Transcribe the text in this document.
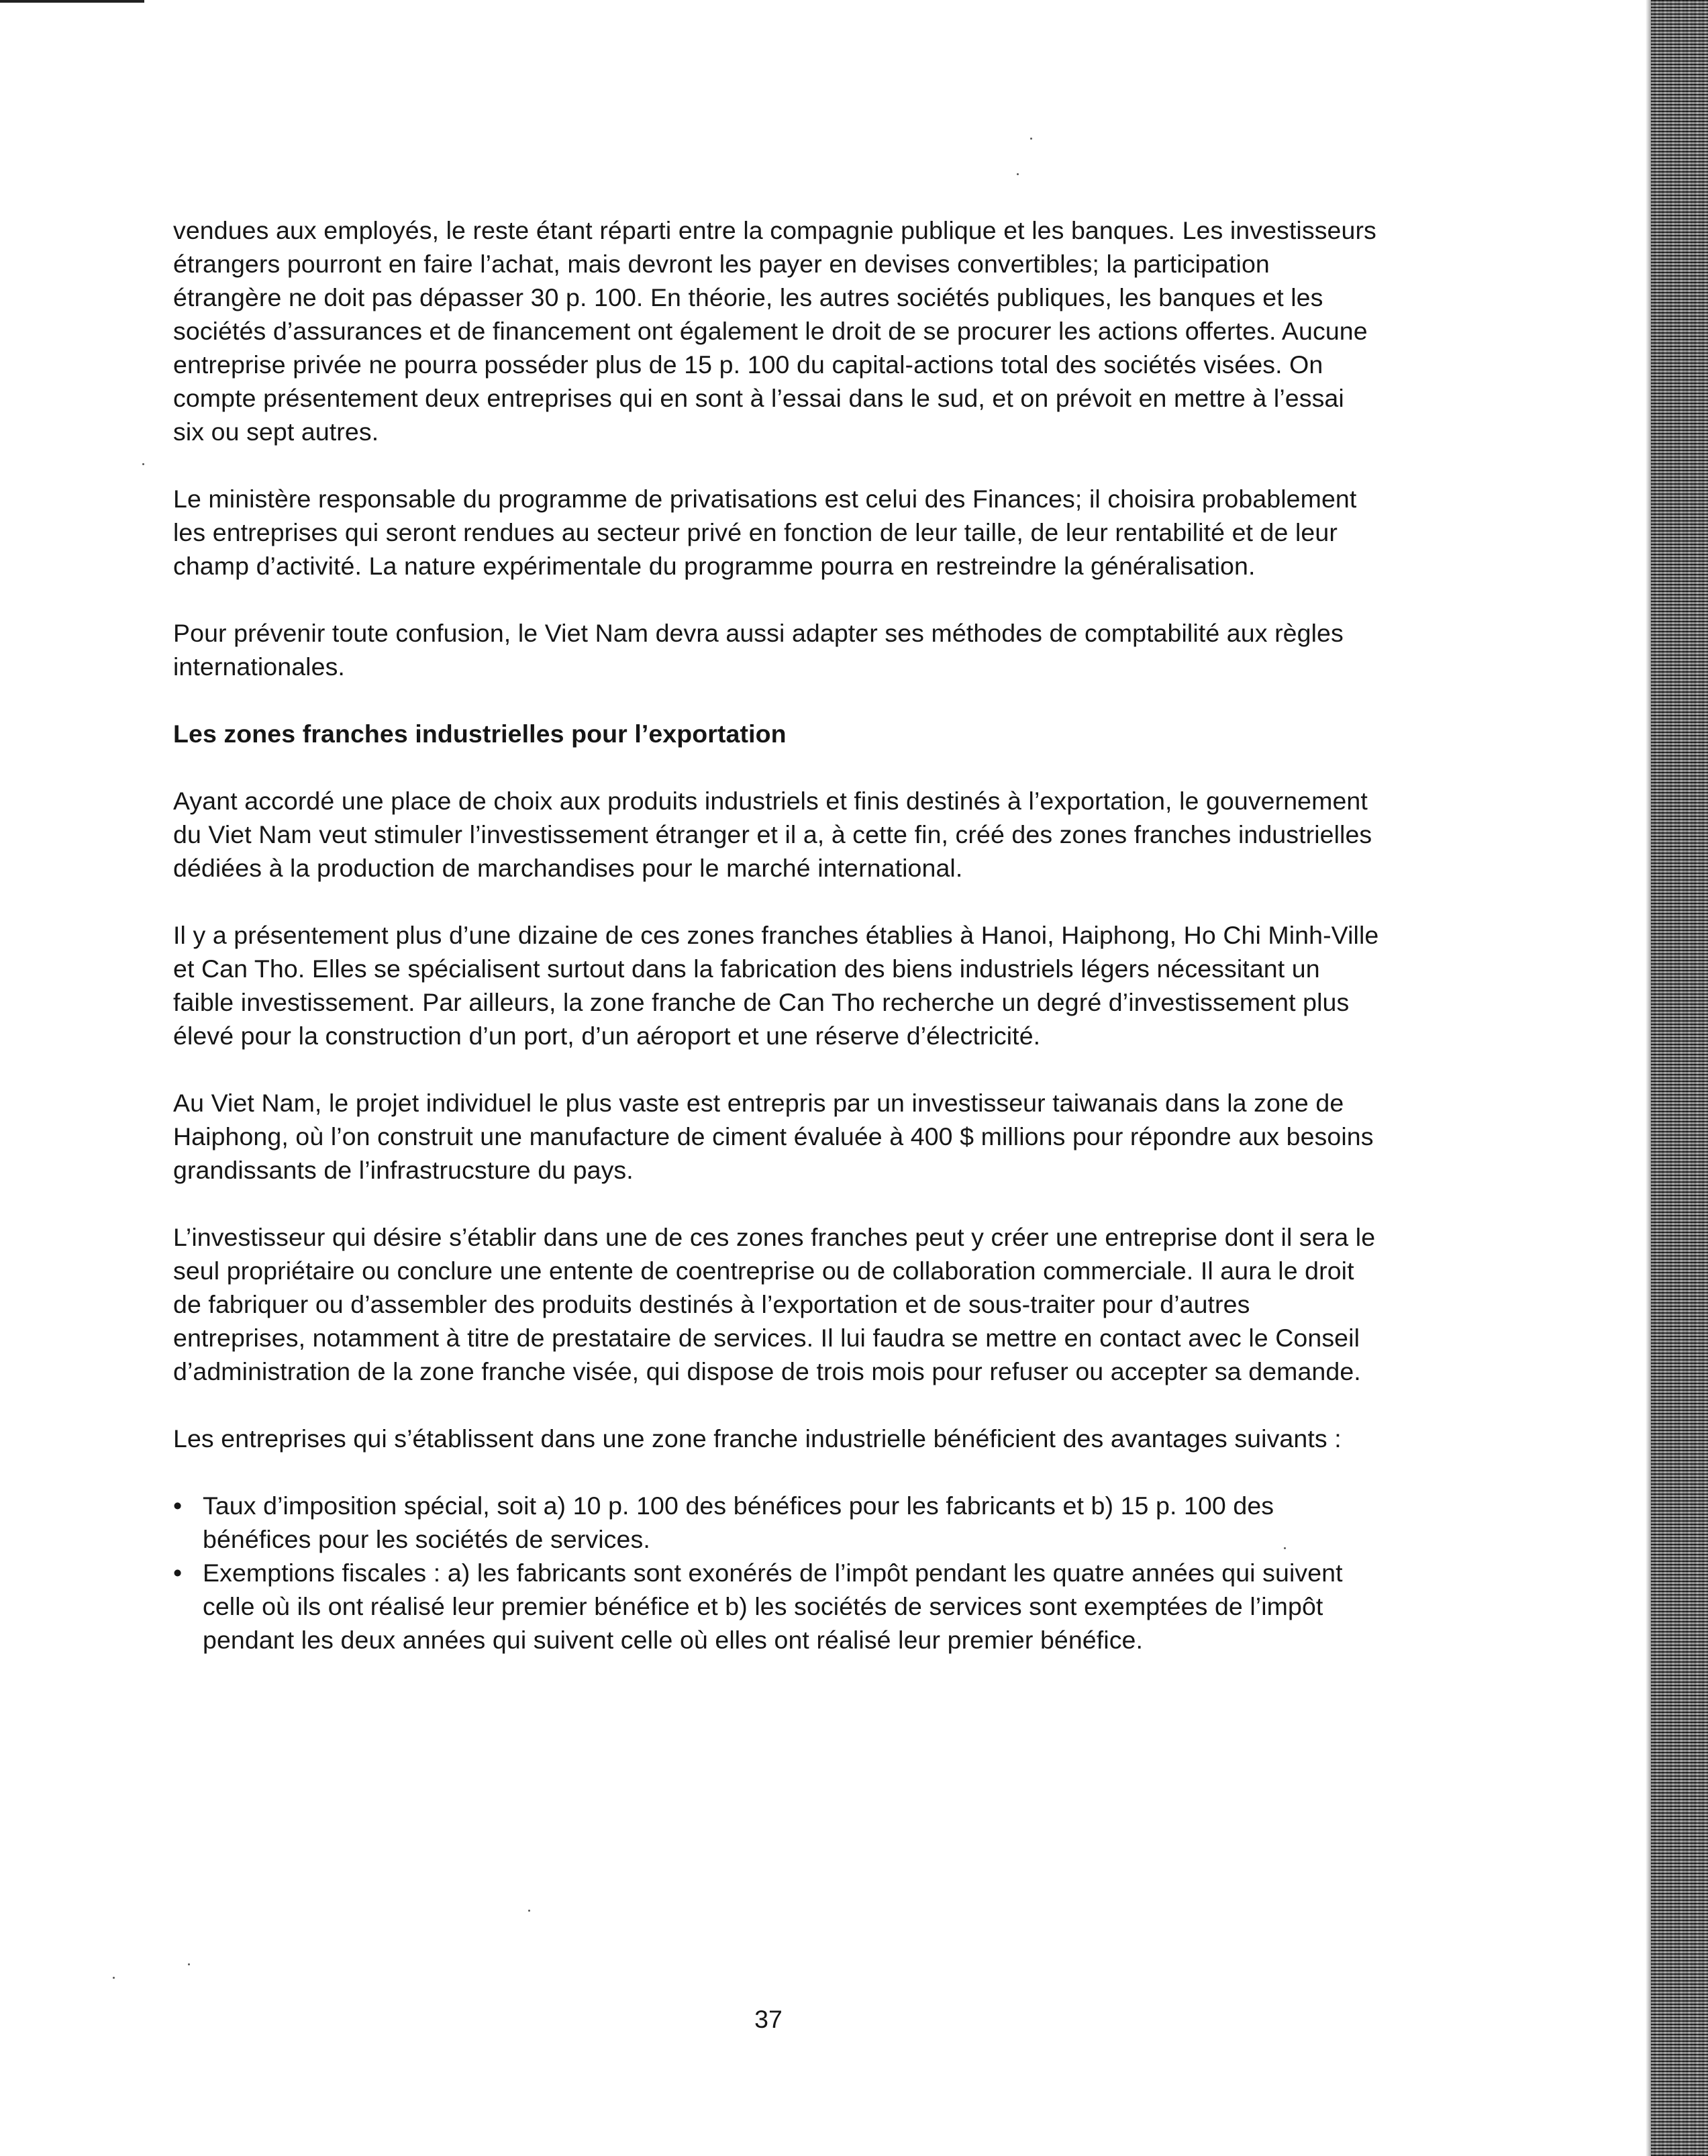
vendues aux employés, le reste étant réparti entre la compagnie publique et les banques. Les investisseurs étrangers pourront en faire l’achat, mais devront les payer en devises convertibles; la participation étrangère ne doit pas dépasser 30 p. 100. En théorie, les autres sociétés publiques, les banques et les sociétés d’assurances et de financement ont également le droit de se procurer les actions offertes. Aucune entreprise privée ne pourra posséder plus de 15 p. 100 du capital-actions total des sociétés visées. On compte présentement deux entreprises qui en sont à l’essai dans le sud, et on prévoit en mettre à l’essai six ou sept autres.

Le ministère responsable du programme de privatisations est celui des Finances; il choisira probablement les entreprises qui seront rendues au secteur privé en fonction de leur taille, de leur rentabilité et de leur champ d’activité. La nature expérimentale du programme pourra en restreindre la généralisation.

Pour prévenir toute confusion, le Viet Nam devra aussi adapter ses méthodes de comptabilité aux règles internationales.

Les zones franches industrielles pour l’exportation

Ayant accordé une place de choix aux produits industriels et finis destinés à l’exportation, le gouvernement du Viet Nam veut stimuler l’investissement étranger et il a, à cette fin, créé des zones franches industrielles dédiées à la production de marchandises pour le marché international.

Il y a présentement plus d’une dizaine de ces zones franches établies à Hanoi, Haiphong, Ho Chi Minh-Ville et Can Tho. Elles se spécialisent surtout dans la fabrication des biens industriels légers nécessitant un faible investissement. Par ailleurs, la zone franche de Can Tho recherche un degré d’investissement plus élevé pour la construction d’un port, d’un aéroport et une réserve d’électricité.

Au Viet Nam, le projet individuel le plus vaste est entrepris par un investisseur taiwanais dans la zone de Haiphong, où l’on construit une manufacture de ciment évaluée à 400 $ millions pour répondre aux besoins grandissants de l’infrastrucsture du pays.

L’investisseur qui désire s’établir dans une de ces zones franches peut y créer une entreprise dont il sera le seul propriétaire ou conclure une entente de coentreprise ou de collaboration commerciale. Il aura le droit de fabriquer ou d’assembler des produits destinés à l’exportation et de sous-traiter pour d’autres entreprises, notamment à titre de prestataire de services. Il lui faudra se mettre en contact avec le Conseil d’administration de la zone franche visée, qui dispose de trois mois pour refuser ou accepter sa demande.

Les entreprises qui s’établissent dans une zone franche industrielle bénéficient des avantages suivants :

• Taux d’imposition spécial, soit a) 10 p. 100 des bénéfices pour les fabricants et b) 15 p. 100 des bénéfices pour les sociétés de services.
• Exemptions fiscales : a) les fabricants sont exonérés de l’impôt pendant les quatre années qui suivent celle où ils ont réalisé leur premier bénéfice et b) les sociétés de services sont exemptées de l’impôt pendant les deux années qui suivent celle où elles ont réalisé leur premier bénéfice.
37
